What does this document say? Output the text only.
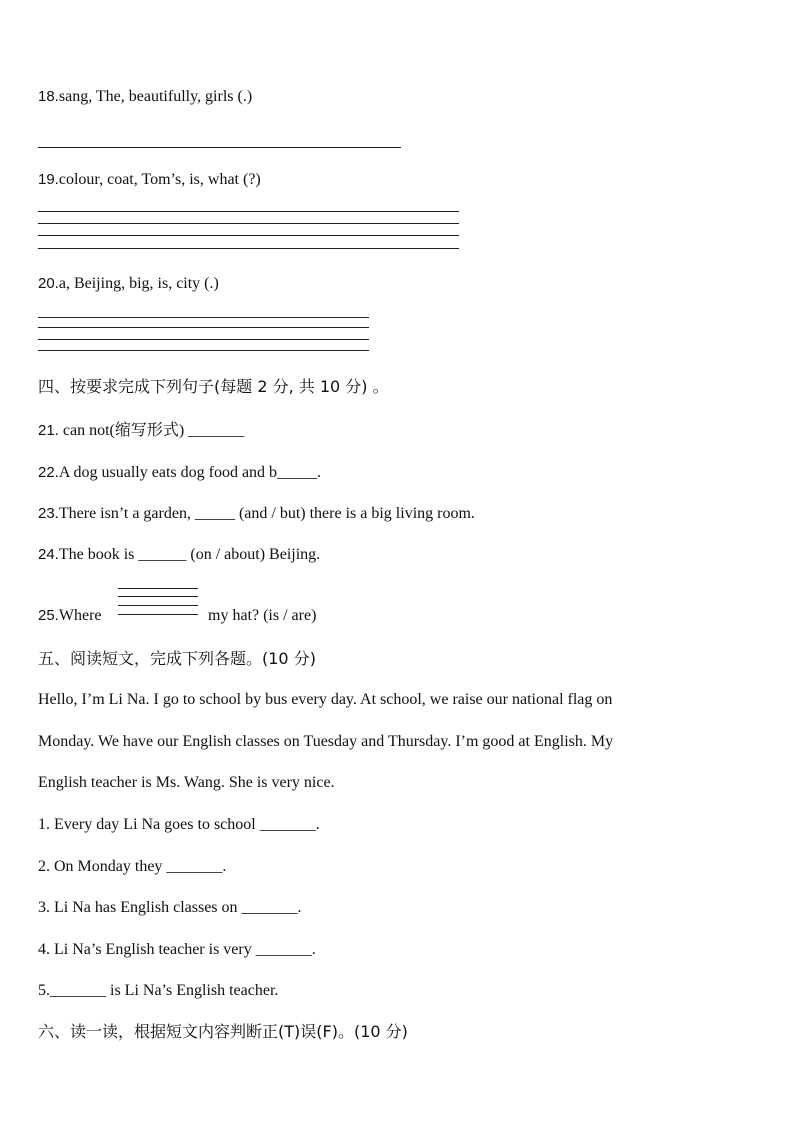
18.sang, The, beautifully, girls (.)
19.colour, coat, Tom’s, is, what (?)
20.a, Beijing, big, is, city (.)
四、按要求完成下列句子(每题 2 分, 共 10 分) 。
21. can not(缩写形式) _______
22.A dog usually eats dog food and b_____.
23.There isn’t a garden, _____ (and / but) there is a big living room.
24.The book is ______ (on / about) Beijing.
25.Where	my hat? (is / are)
五、阅读短文，完成下列各题。(10 分)
Hello, I’m Li Na. I go to school by bus every day. At school, we raise our national flag on
Monday. We have our English classes on Tuesday and Thursday. I’m good at English. My
English teacher is Ms. Wang. She is very nice.
1. Every day Li Na goes to school _______.
2. On Monday they _______.
3. Li Na has English classes on _______.
4. Li Na’s English teacher is very _______.
5._______ is Li Na’s English teacher.
六、读一读，根据短文内容判断正(T)误(F)。(10 分)
